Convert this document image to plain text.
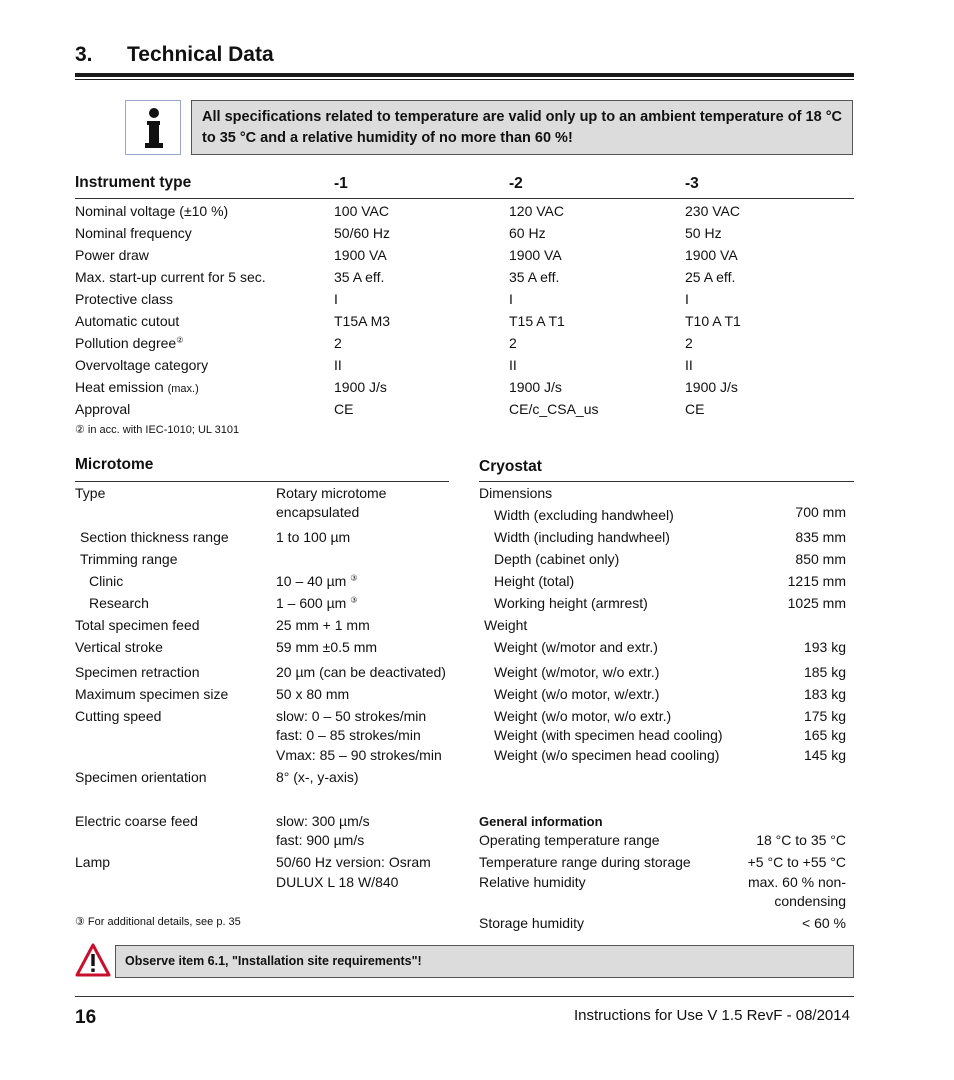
3. Technical Data
All specifications related to temperature are valid only up to an ambient temperature of 18 °C to 35 °C and a relative humidity of no more than 60 %!
Instrument type	-1	-2	-3
Nominal voltage (±10 %)	100 VAC	120 VAC	230 VAC
Nominal frequency	50/60 Hz	60 Hz	50 Hz
Power draw	1900 VA	1900 VA	1900 VA
Max. start-up current for 5 sec.	35 A eff.	35 A eff.	25 A eff.
Protective class	I	I	I
Automatic cutout	T15A M3	T15 A T1	T10 A T1
Pollution degree②	2	2	2
Overvoltage category	II	II	II
Heat emission (max.)	1900 J/s	1900 J/s	1900 J/s
Approval	CE	CE/c_CSA_us	CE
② in acc. with IEC-1010; UL 3101
Microtome
Type	Rotary microtome
encapsulated
Section thickness range	1 to 100 µm
Trimming range
Clinic	10 – 40 µm ③
Research	1 – 600 µm ③
Total specimen feed	25 mm + 1 mm
Vertical stroke	59 mm ±0.5 mm
Specimen retraction	20 µm (can be deactivated)
Maximum specimen size	50 x 80 mm
Cutting speed	slow: 0 – 50 strokes/min
fast: 0 – 85 strokes/min
Vmax: 85 – 90 strokes/min
Specimen orientation	8° (x-, y-axis)
Electric coarse feed	slow: 300 µm/s
fast: 900 µm/s
Lamp	50/60 Hz version: Osram
DULUX L 18 W/840
③ For additional details, see p. 35
Cryostat
Dimensions
Width (excluding handwheel)	700 mm
Width (including handwheel)	835 mm
Depth (cabinet only)	850 mm
Height (total)	1215 mm
Working height (armrest)	1025 mm
Weight
Weight (w/motor and extr.)	193 kg
Weight (w/motor, w/o extr.)	185 kg
Weight (w/o motor, w/extr.)	183 kg
Weight (w/o motor, w/o extr.)	175 kg
Weight (with specimen head cooling)	165 kg
Weight (w/o specimen head cooling)	145 kg
General information
Operating temperature range	18 °C to 35 °C
Temperature range during storage	+5 °C to +55 °C
Relative humidity	max. 60 % non-
condensing
Storage humidity	< 60 %
Observe item 6.1, "Installation site requirements"!
16	Instructions for Use V 1.5 RevF - 08/2014
